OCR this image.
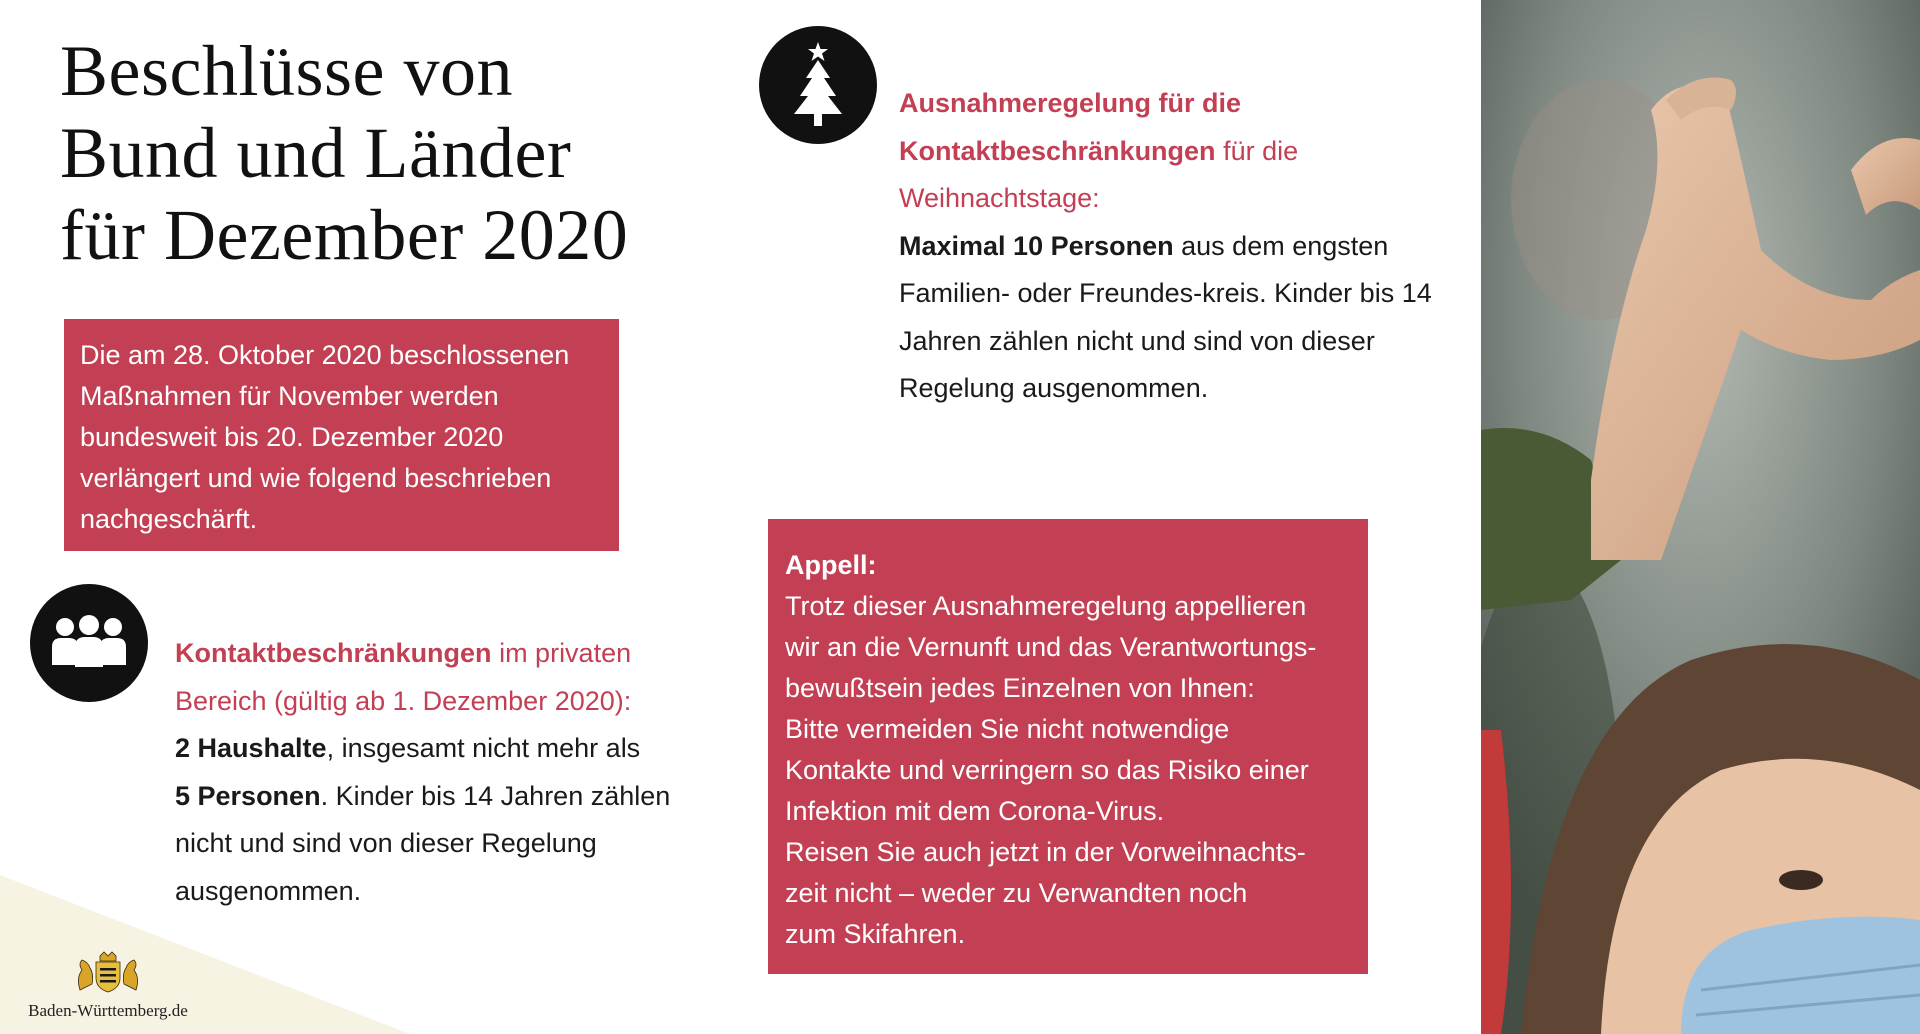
Beschlüsse von
Bund und Länder
für Dezember 2020
Die am 28. Oktober 2020 beschlossenen Maßnahmen für November werden bundesweit bis 20. Dezember 2020 verlängert und wie folgend beschrieben nachgeschärft.
Kontaktbeschränkungen im privaten Bereich (gültig ab 1. Dezember 2020):
2 Haushalte, insgesamt nicht mehr als
5 Personen. Kinder bis 14 Jahren zählen nicht und sind von dieser Regelung ausgenommen.
Ausnahmeregelung für die Kontaktbeschränkungen für die Weihnachtstage:
Maximal 10 Personen aus dem engsten Familien- oder Freundes-kreis. Kinder bis 14 Jahren zählen nicht und sind von dieser Regelung ausgenommen.
Appell:
Trotz dieser Ausnahmeregelung appellieren
wir an die Vernunft und das Verantwortungs-
bewußtsein jedes Einzelnen von Ihnen:
Bitte vermeiden Sie nicht notwendige
Kontakte und verringern so das Risiko einer
Infektion mit dem Corona-Virus.
Reisen Sie auch jetzt in der Vorweihnachts-
zeit nicht – weder zu Verwandten noch
zum Skifahren.
Baden-Württemberg.de
